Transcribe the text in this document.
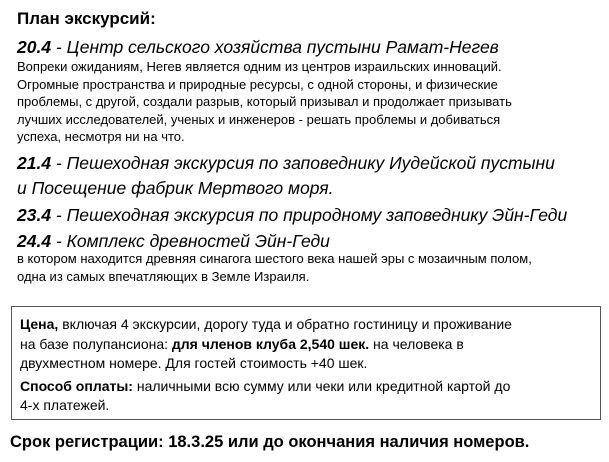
План экскурсий:
20.4 - Центр сельского хозяйства пустыни Рамат-Негев
Вопреки ожиданиям, Негев является одним из центров израильских инноваций.
Огромные пространства и природные ресурсы, с одной стороны, и физические
проблемы, с другой, создали разрыв, который призывал и продолжает призывать
лучших исследователей, ученых и инженеров - решать проблемы и добиваться
успеха, несмотря ни на что.
21.4 - Пешеходная экскурсия по заповеднику Иудейской пустыни
и Посещение фабрик Мертвого моря.
23.4 - Пешеходная экскурсия по природному заповеднику Эйн-Геди
24.4 - Комплекс древностей Эйн-Геди
в котором находится древняя синагога шестого века нашей эры с мозаичным полом,
одна из самых впечатляющих в Земле Израиля.
Цена, включая 4 экскурсии, дорогу туда и обратно гостиницу и проживание
на базе полупансиона: для членов клуба 2,540 шек. на человека в
двухместном номере. Для гостей стоимость +40 шек.
Способ оплаты: наличными всю сумму или чеки или кредитной картой до
4-х платежей.
Срок регистрации: 18.3.25 или до окончания наличия номеров.
